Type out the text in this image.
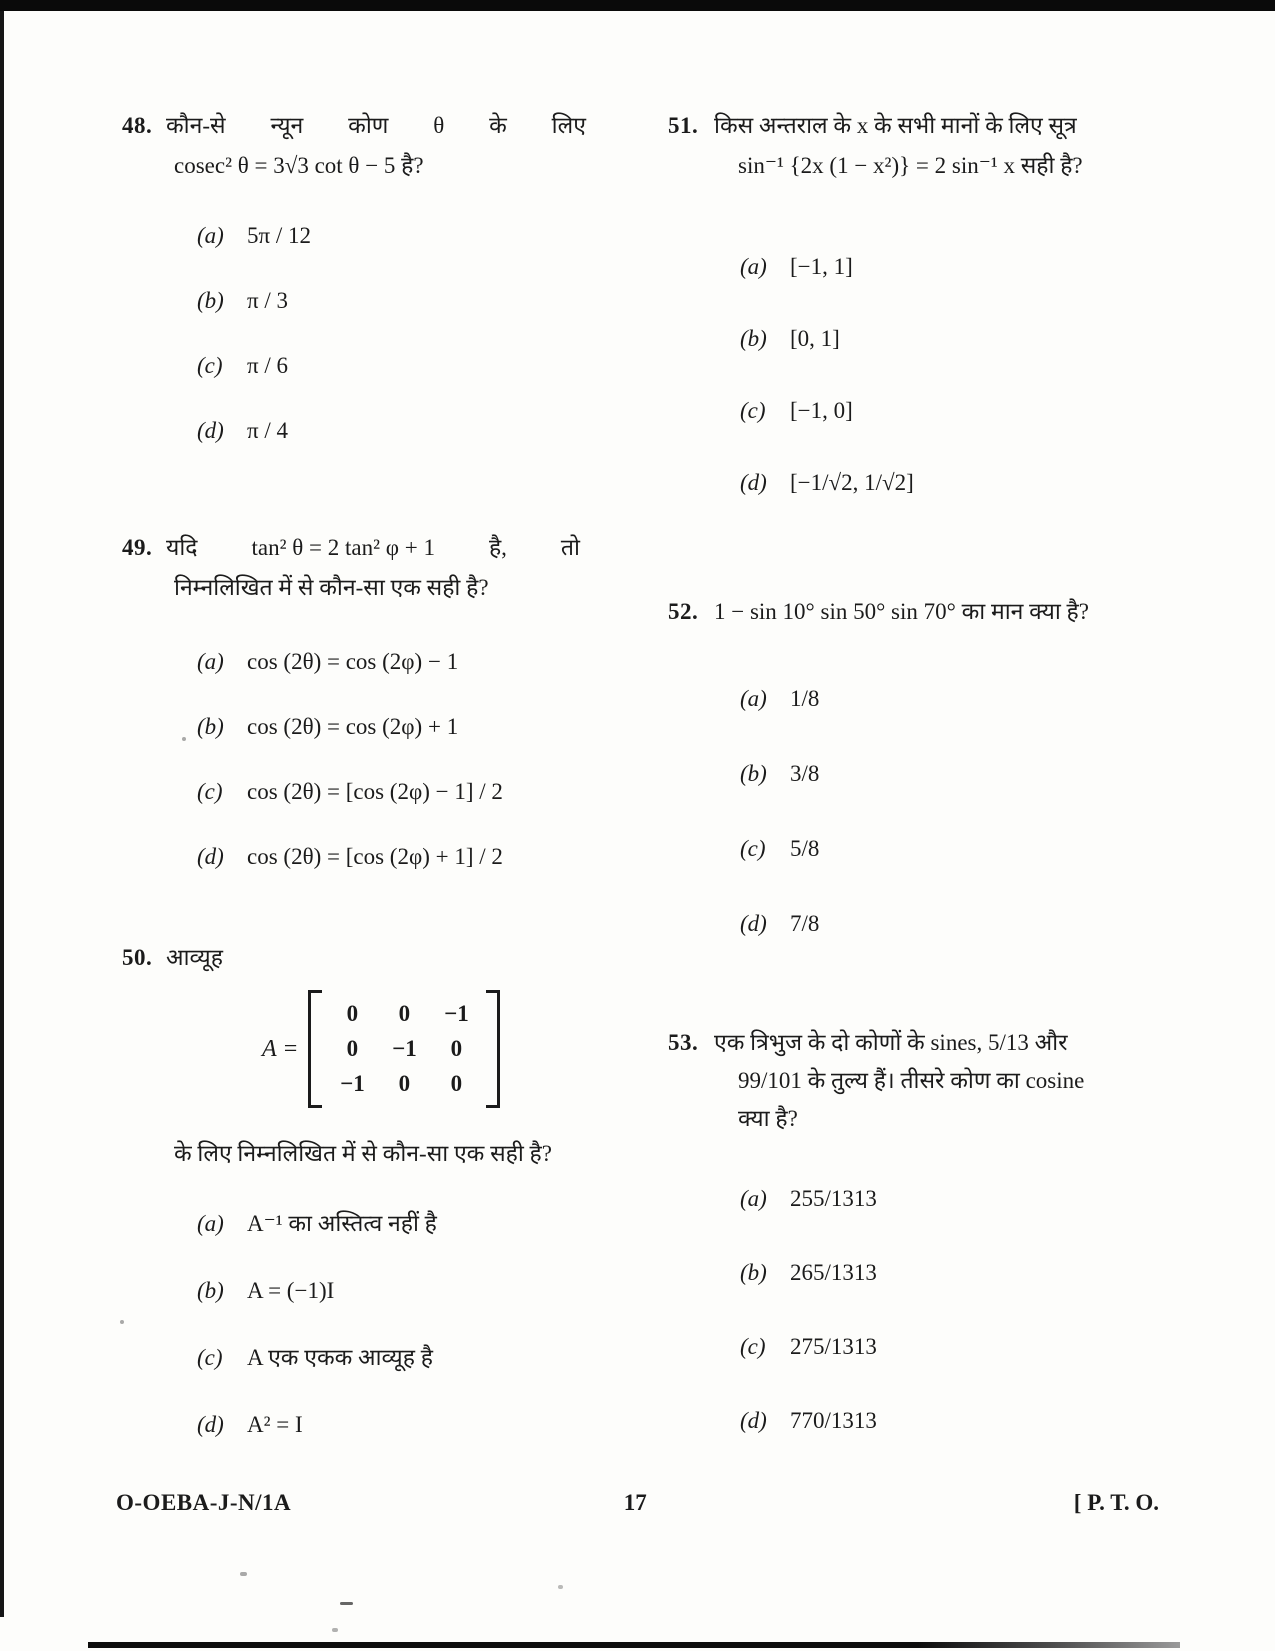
48. कौन-से न्यून कोण θ के लिए
cosec² θ = 3√3 cot θ − 5 है?
(a)	5π / 12
(b)	π / 3
(c)	π / 6
(d)	π / 4
49. यदि tan² θ = 2 tan² φ + 1 है, तो
निम्नलिखित में से कौन-सा एक सही है?
(a)	cos (2θ) = cos (2φ) − 1
(b)	cos (2θ) = cos (2φ) + 1
(c)	cos (2θ) = [cos (2φ) − 1] / 2
(d)	cos (2θ) = [cos (2φ) + 1] / 2
50. आव्यूह
A =
0 0 −1
0 −1 0
−1 0 0
के लिए निम्नलिखित में से कौन-सा एक सही है?
(a)	A⁻¹ का अस्तित्व नहीं है
(b)	A = (−1)I
(c)	A एक एकक आव्यूह है
(d)	A² = I
51. किस अन्तराल के x के सभी मानों के लिए सूत्र
sin⁻¹ {2x (1 − x²)} = 2 sin⁻¹ x सही है?
(a)	[−1, 1]
(b)	[0, 1]
(c)	[−1, 0]
(d)	[−1/√2, 1/√2]
52. 1 − sin 10° sin 50° sin 70° का मान क्या है?
(a)	1/8
(b)	3/8
(c)	5/8
(d)	7/8
53. एक त्रिभुज के दो कोणों के sines, 5/13 और
99/101 के तुल्य हैं। तीसरे कोण का cosine
क्या है?
(a)	255/1313
(b)	265/1313
(c)	275/1313
(d)	770/1313
O-OEBA-J-N/1A	17	[ P. T. O.
